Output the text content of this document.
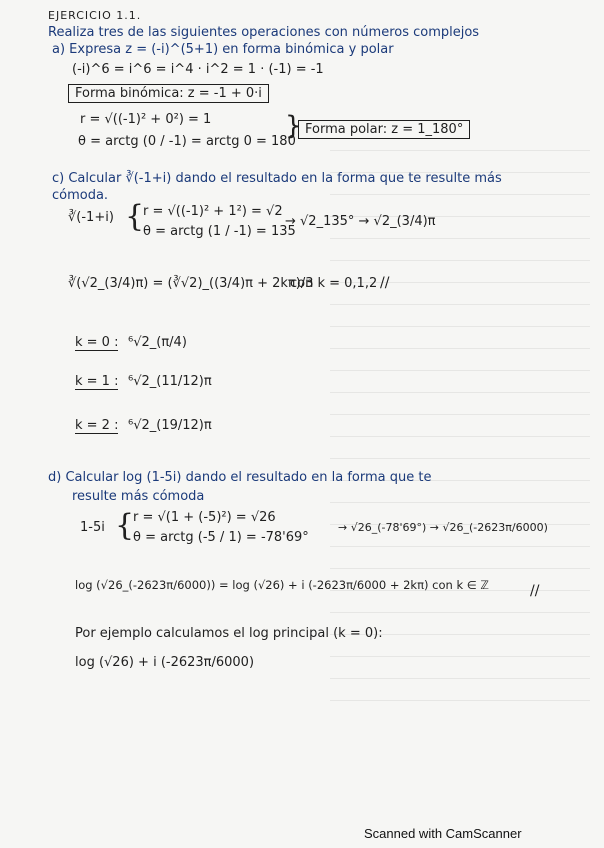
EJERCICIO 1.1.
Realiza tres de las siguientes operaciones con números complejos
a) Expresa z = (-i)^(5+1) en forma binómica y polar
(-i)^6 = i^6 = i^4 · i^2 = 1 · (-1) = -1
Forma binómica: z = -1 + 0·i
r = √((-1)² + 0²) = 1
θ = arctg (0 / -1) = arctg 0 = 180
} Forma polar: z = 1_180°
c) Calcular ∛(-1+i) dando el resultado en la forma que te resulte más cómoda.
∛(-1+i) {
r = √((-1)² + 1²) = √2
θ = arctg (1 / -1) = 135
→ √2_135° → √2_(3/4)π
∛(√2_(3/4)π) = (∛√2)_((3/4)π + 2kπ)/3
con k = 0,1,2 //
k = 0 : ⁶√2_(π/4)
k = 1 : ⁶√2_(11/12)π
k = 2 : ⁶√2_(19/12)π
d) Calcular log (1-5i) dando el resultado en la forma que te
resulte más cómoda
1-5i {
r = √(1 + (-5)²) = √26
θ = arctg (-5 / 1) = -78'69°
→ √26_(-78'69°) → √26_(-2623π/6000)
log (√26_(-2623π/6000)) = log (√26) + i (-2623π/6000 + 2kπ) con k ∈ ℤ	//
Por ejemplo calculamos el log principal (k = 0):
log (√26) + i (-2623π/6000)
Scanned with CamScanner
